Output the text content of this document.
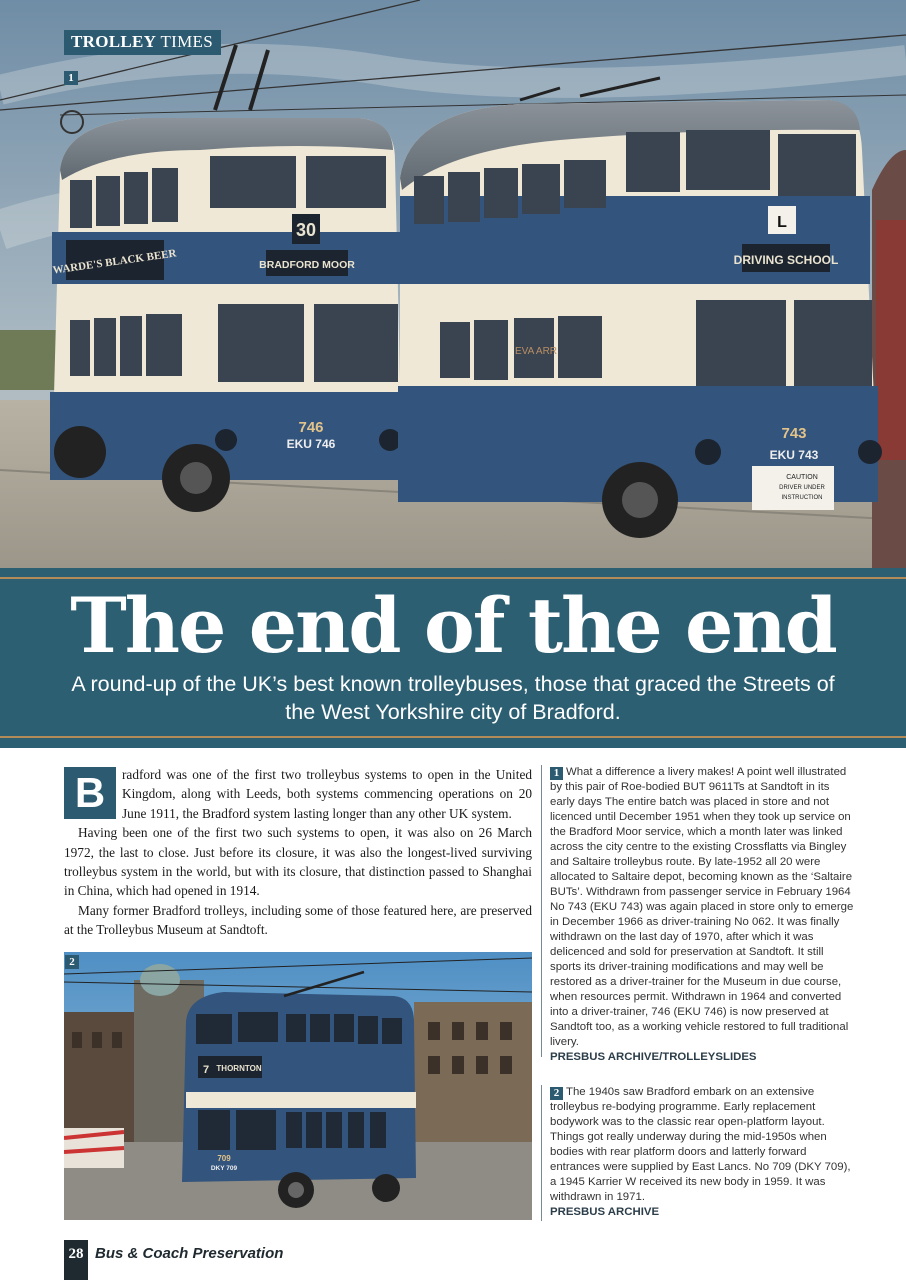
30
BRADFORD MOOR
WARDE'S BLACK BEER
746
EKU 746
L
DRIVING SCHOOL
EVA ARR
743
EKU 743
CAUTION
DRIVER UNDER
INSTRUCTION
TROLLEY TIMES
1
The end of the end
A round-up of the UK’s best known trolleybuses, those that graced the Streets of the West Yorkshire city of Bradford.

B	radford was one of the first two trolleybus systems to open in the United Kingdom, along with Leeds, both systems commencing operations on 20 June 1911, the Bradford system lasting longer than any other UK system.

Having been one of the first two such systems to open, it was also on 26 March 1972, the last to close. Just before its closure, it was also the longest-lived surviving trolleybus system in the world, but with its closure, that distinction passed to Shanghai in China, which had opened in 1914.

Many former Bradford trolleys, including some of those featured here, are preserved at the Trolleybus Museum at Sandtoft.

7 THORNTON
709
DKY 709
2
1 What a difference a livery makes! A point well illustrated by this pair of Roe-bodied BUT 9611Ts at Sandtoft in its early days The entire batch was placed in store and not licenced until December 1951 when they took up service on the Bradford Moor service, which a month later was linked across the city centre to the existing Crossflatts via Bingley and Saltaire trolleybus route. By late-1952 all 20 were allocated to Saltaire depot, becoming known as the ‘Saltaire BUTs’. Withdrawn from passenger service in February 1964 No 743 (EKU 743) was again placed in store only to emerge in December 1966 as driver-training No 062. It was finally withdrawn on the last day of 1970, after which it was delicenced and sold for preservation at Sandtoft. It still sports its driver-training modifications and may well be restored as a driver-trainer for the Museum in due course, when resources permit. Withdrawn in 1964 and converted into a driver-trainer, 746 (EKU 746) is now preserved at Sandtoft too, as a working vehicle restored to full traditional livery.
PRESBUS ARCHIVE/TROLLEYSLIDES
2 The 1940s saw Bradford embark on an extensive trolleybus re-bodying programme. Early replacement bodywork was to the classic rear open-platform layout. Things got really underway during the mid-1950s when bodies with rear platform doors and latterly forward entrances were supplied by East Lancs. No 709 (DKY 709), a 1945 Karrier W received its new body in 1959. It was withdrawn in 1971.
PRESBUS ARCHIVE
28 Bus & Coach Preservation
